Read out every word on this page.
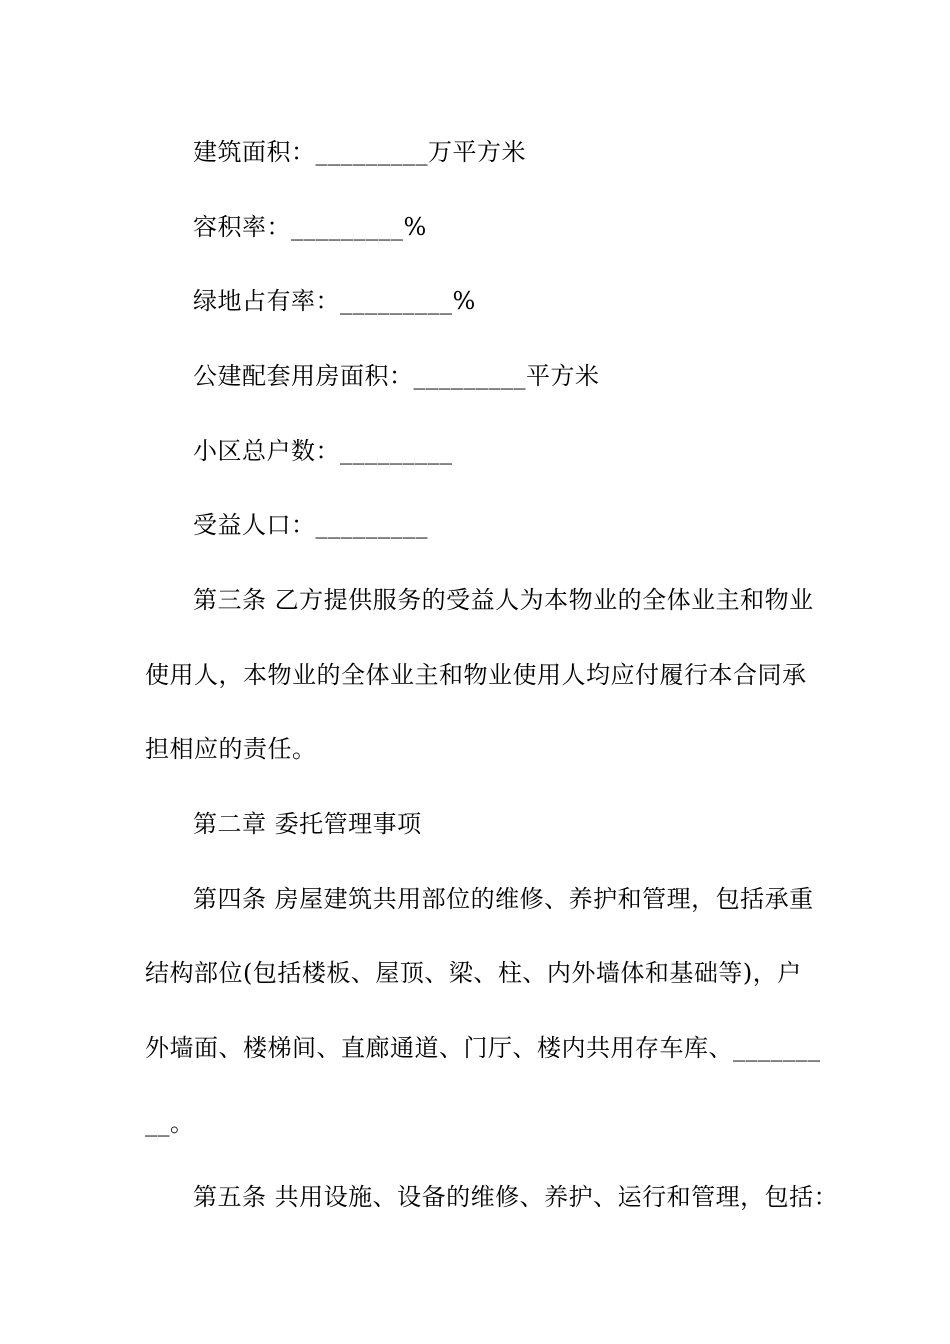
建筑面积：_________万平方米
容积率：_________%
绿地占有率：_________%
公建配套用房面积：_________平方米
小区总户数：_________
受益人口：_________
第三条 乙方提供服务的受益人为本物业的全体业主和物业
使用人，本物业的全体业主和物业使用人均应付履行本合同承
担相应的责任。
第二章 委托管理事项
第四条 房屋建筑共用部位的维修、养护和管理，包括承重
结构部位(包括楼板、屋顶、梁、柱、内外墙体和基础等)，户
外墙面、楼梯间、直廊通道、门厅、楼内共用存车库、_______
__。
第五条 共用设施、设备的维修、养护、运行和管理，包括：
